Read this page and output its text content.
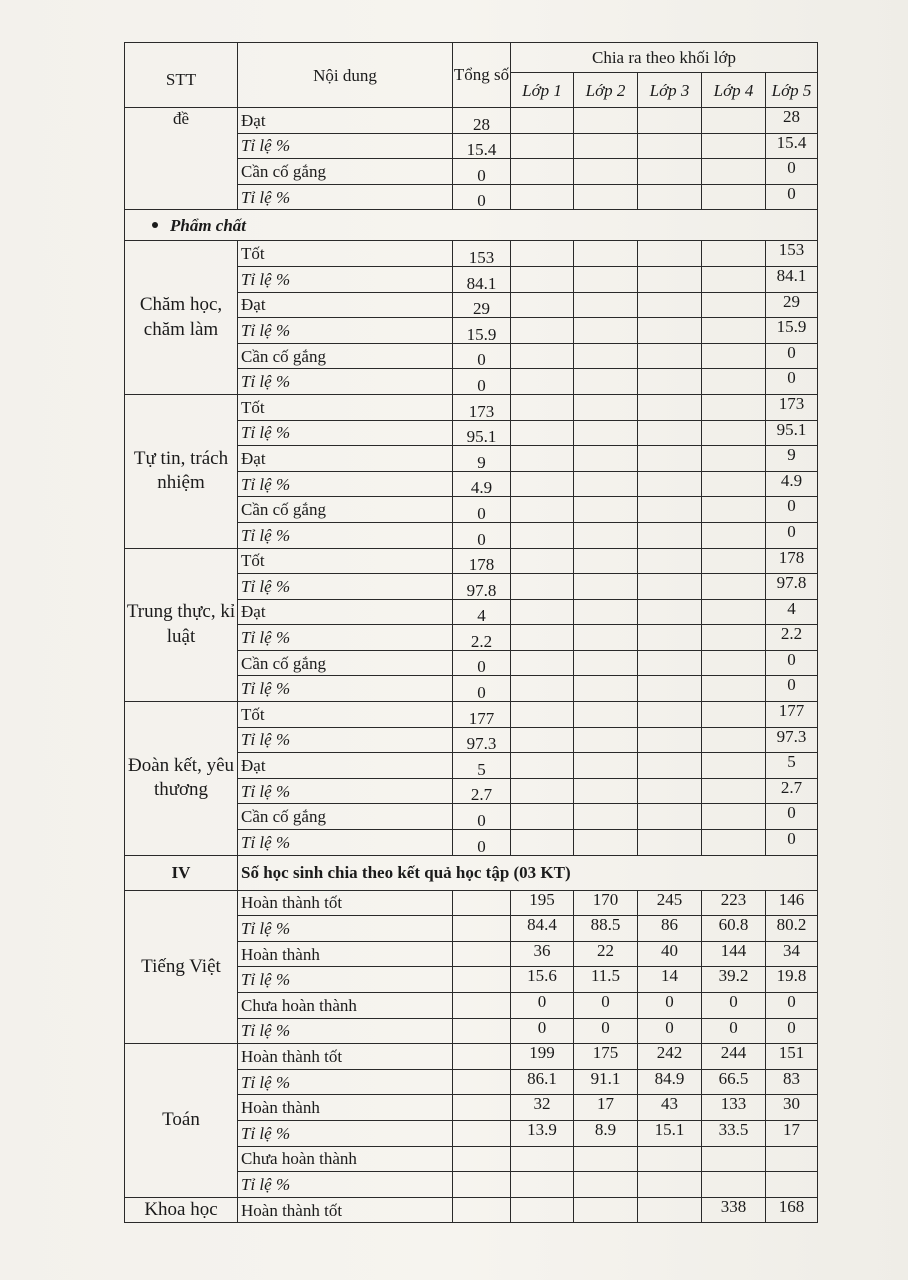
STT	Nội dung	Tổng số	Chia ra theo khối lớp				
			Lớp 1	Lớp 2	Lớp 3	Lớp 4	Lớp 5
đề	Đạt	28					28
	Tỉ lệ %	15.4					15.4
	Cần cố gắng	0					0
	Tỉ lệ %	0					0
Phẩm chất							
Chăm học, chăm làm	Tốt	153					153
	Tỉ lệ %	84.1					84.1
	Đạt	29					29
	Tỉ lệ %	15.9					15.9
	Cần cố gắng	0					0
	Tỉ lệ %	0					0
Tự tin, trách nhiệm	Tốt	173					173
	Tỉ lệ %	95.1					95.1
	Đạt	9					9
	Tỉ lệ %	4.9					4.9
	Cần cố gắng	0					0
	Tỉ lệ %	0					0
Trung thực, kỉ luật	Tốt	178					178
	Tỉ lệ %	97.8					97.8
	Đạt	4					4
	Tỉ lệ %	2.2					2.2
	Cần cố gắng	0					0
	Tỉ lệ %	0					0
Đoàn kết, yêu thương	Tốt	177					177
	Tỉ lệ %	97.3					97.3
	Đạt	5					5
	Tỉ lệ %	2.7					2.7
	Cần cố gắng	0					0
	Tỉ lệ %	0					0
IV	Số học sinh chia theo kết quả học tập (03 KT)						
Tiếng Việt	Hoàn thành tốt		195	170	245	223	146
	Tỉ lệ %		84.4	88.5	86	60.8	80.2
	Hoàn thành		36	22	40	144	34
	Tỉ lệ %		15.6	11.5	14	39.2	19.8
	Chưa hoàn thành		0	0	0	0	0
	Tỉ lệ %		0	0	0	0	0
Toán	Hoàn thành tốt		199	175	242	244	151
	Tỉ lệ %		86.1	91.1	84.9	66.5	83
	Hoàn thành		32	17	43	133	30
	Tỉ lệ %		13.9	8.9	15.1	33.5	17
	Chưa hoàn thành						
	Tỉ lệ %						
Khoa học	Hoàn thành tốt					338	168
